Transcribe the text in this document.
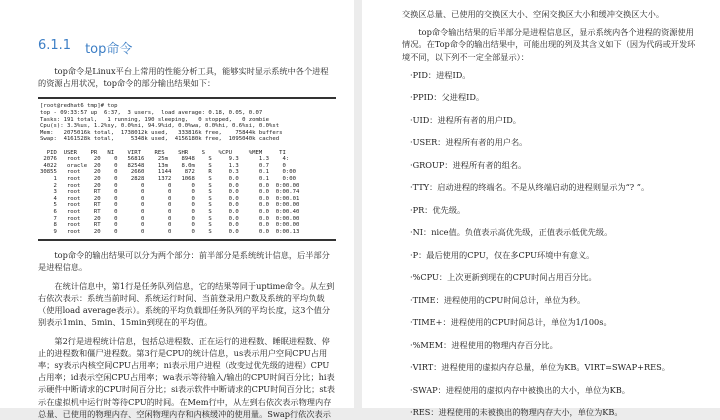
6.1.1 top命令

top命令是Linux平台上常用的性能分析工具，能够实时显示系统中各个进程的资源占用状况，top命令的部分输出结果如下：

[root@redhat6 tmp]# top
top - 09:33:57 up  6:37,  3 users,  load average: 0.18, 0.05, 0.07
Tasks: 191 total,   1 running, 190 sleeping,   0 stopped,   0 zombie
Cpu(s): 3.3%us, 1.2%sy, 0.0%ni, 94.9%id, 0.0%wa, 0.0%hi, 0.6%si, 0.0%st
Mem:   2075016k total,  1738012k used,   333816k free,    75844k buffers
Swap:  4161528k total,     5348k used,  4156180k free,  1095040k cached

PID  USER    PR   NI    VIRT    RES    SHR    S    %CPU     %MEM     TI
2076   root    20    0   56816    25m    8948    S     9.3      1.3    4:
4022   oracle  20    0   82548    13m    8.0m    S     1.3      0.7    0
30855   root    20    0    2660    1144    872    R     0.3      0.1    0:00
1   root    20    0    2828    1372   1068    S     0.0      0.1    0:00
2   root    20    0       0       0      0    S     0.0      0.0  0:00.00
3   root    RT    0       0       0      0    S     0.0      0.0  0:00.74
4   root    20    0       0       0      0    S     0.0      0.0  0:00.01
5   root    RT    0       0       0      0    S     0.0      0.0  0:00.00
6   root    RT    0       0       0      0    S     0.0      0.0  0:00.40
7   root    20    0       0       0      0    S     0.0      0.0  0:00.00
8   root    RT    0       0       0      0    S     0.0      0.0  0:00.00
9   root    20    0       0       0      0    S     0.0      0.0  0:00.13

top命令的输出结果可以分为两个部分：前半部分是系统统计信息，后半部分是进程信息。

在统计信息中，第1行是任务队列信息，它的结果等同于uptime命令。从左到右依次表示：系统当前时间、系统运行时间、当前登录用户数及系统的平均负载（使用load average表示）。系统的平均负载即任务队列的平均长度，这3个值分别表示1min、5min、15min到现在的平均值。

第2行是进程统计信息，包括总进程数、正在运行的进程数、睡眠进程数、停止的进程数和僵尸进程数。第3行是CPU的统计信息，us表示用户空间CPU占用率；sy表示内核空间CPU占用率；ni表示用户进程（改变过优先级的进程）CPU占用率；id表示空闲CPU占用率；wa表示等待输入/输出的CPU时间百分比；hi表示硬件中断请求的CPU时间百分比；si表示软件中断请求的CPU时间百分比；st表示在虚拟机中运行时等待CPU的时间。在Mem行中，从左到右依次表示物理内存总量、已使用的物理内存、空闲物理内存和内核缓冲的使用量。Swap行依次表示

交换区总量、已使用的交换区大小、空闲交换区大小和缓冲交换区大小。

top命令输出结果的后半部分是进程信息区，显示系统内各个进程的资源使用情况。在Top命令的输出结果中，可能出现的列及其含义如下（因为代码或开发环境不同，以下列不一定全部显示）：

·PID：进程ID。

·PPID：父进程ID。

·UID：进程所有者的用户ID。

·USER：进程所有者的用户名。

·GROUP：进程所有者的组名。

·TTY：启动进程的终端名。不是从终端启动的进程则显示为“? ”。

·PR：优先级。

·NI：nice值。负值表示高优先级，正值表示低优先级。

·P：最后使用的CPU，仅在多CPU环境中有意义。

·%CPU：上次更新到现在的CPU时间占用百分比。

·TIME：进程使用的CPU时间总计，单位为秒。

·TIME+：进程使用的CPU时间总计，单位为1/100s。

·%MEM：进程使用的物理内存百分比。

·VIRT：进程使用的虚拟内存总量，单位为KB。VIRT=SWAP+RES。

·SWAP：进程使用的虚拟内存中被换出的大小，单位为KB。

·RES：进程使用的未被换出的物理内存大小，单位为KB。
